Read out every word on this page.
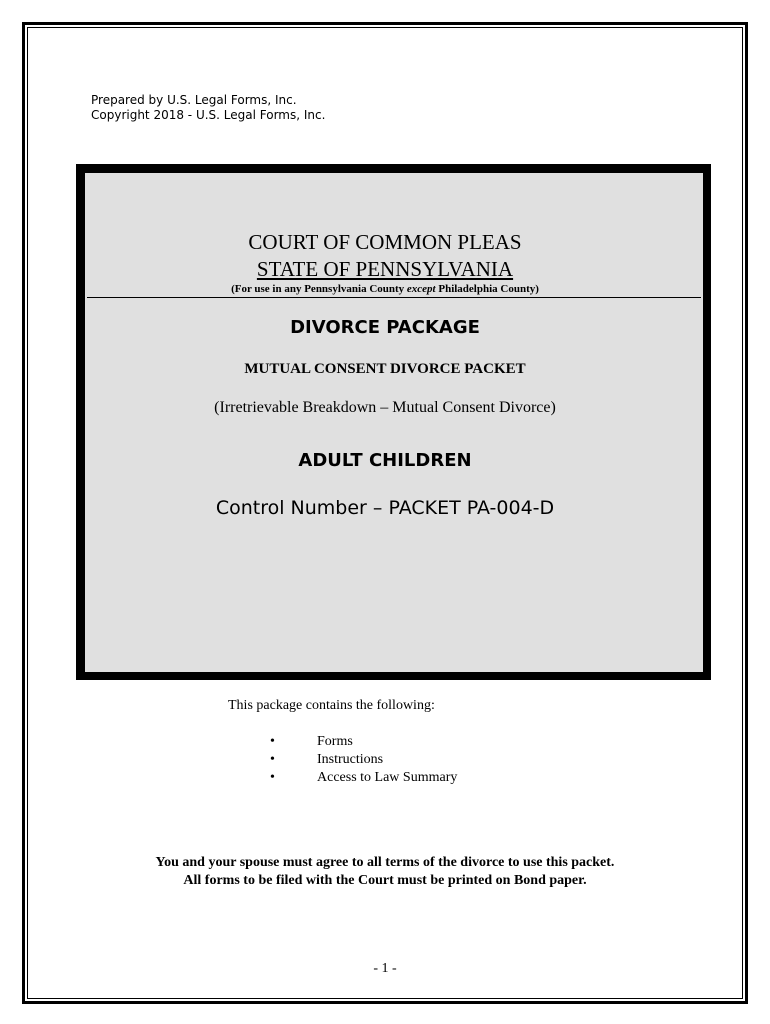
Prepared by U.S. Legal Forms, Inc.
Copyright 2018 - U.S. Legal Forms, Inc.
COURT OF COMMON PLEAS
STATE OF PENNSYLVANIA
(For use in any Pennsylvania County except Philadelphia County)
DIVORCE PACKAGE
MUTUAL CONSENT DIVORCE PACKET
(Irretrievable Breakdown – Mutual Consent Divorce)
ADULT CHILDREN
Control Number – PACKET PA-004-D
This package contains the following:
•	Forms
•	Instructions
•	Access to Law Summary
You and your spouse must agree to all terms of the divorce to use this packet.
All forms to be filed with the Court must be printed on Bond paper.
- 1 -
